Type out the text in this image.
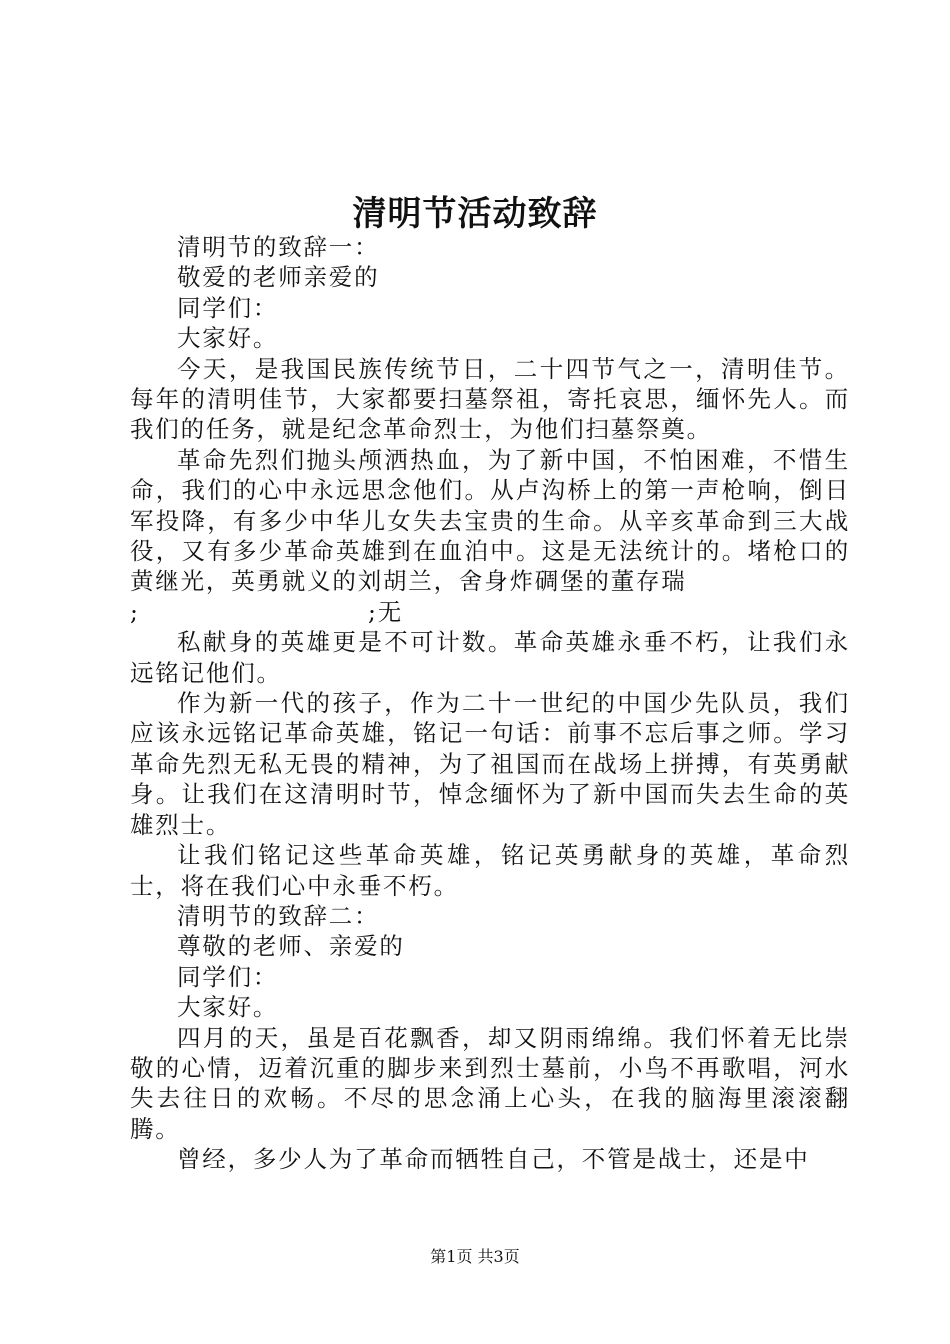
清明节活动致辞

清明节的致辞一：

敬爱的老师亲爱的

同学们：

大家好。

今天，是我国民族传统节日，二十四节气之一，清明佳节。每年的清明佳节，大家都要扫墓祭祖，寄托哀思，缅怀先人。而我们的任务，就是纪念革命烈士，为他们扫墓祭奠。

革命先烈们抛头颅洒热血，为了新中国，不怕困难，不惜生命，我们的心中永远思念他们。从卢沟桥上的第一声枪响，倒日军投降，有多少中华儿女失去宝贵的生命。从辛亥革命到三大战役，又有多少革命英雄到在血泊中。这是无法统计的。堵枪口的黄继光，英勇就义的刘胡兰，舍身炸碉堡的董存瑞

;	;无

私献身的英雄更是不可计数。革命英雄永垂不朽，让我们永远铭记他们。

作为新一代的孩子，作为二十一世纪的中国少先队员，我们应该永远铭记革命英雄，铭记一句话：前事不忘后事之师。学习革命先烈无私无畏的精神，为了祖国而在战场上拼搏，有英勇献身。让我们在这清明时节，悼念缅怀为了新中国而失去生命的英雄烈士。

让我们铭记这些革命英雄，铭记英勇献身的英雄，革命烈士，将在我们心中永垂不朽。

清明节的致辞二：

尊敬的老师、亲爱的

同学们：

大家好。

四月的天，虽是百花飘香，却又阴雨绵绵。我们怀着无比崇敬的心情，迈着沉重的脚步来到烈士墓前，小鸟不再歌唱，河水失去往日的欢畅。不尽的思念涌上心头，在我的脑海里滚滚翻腾。

曾经，多少人为了革命而牺牲自己，不管是战士，还是中

第1页 共3页
